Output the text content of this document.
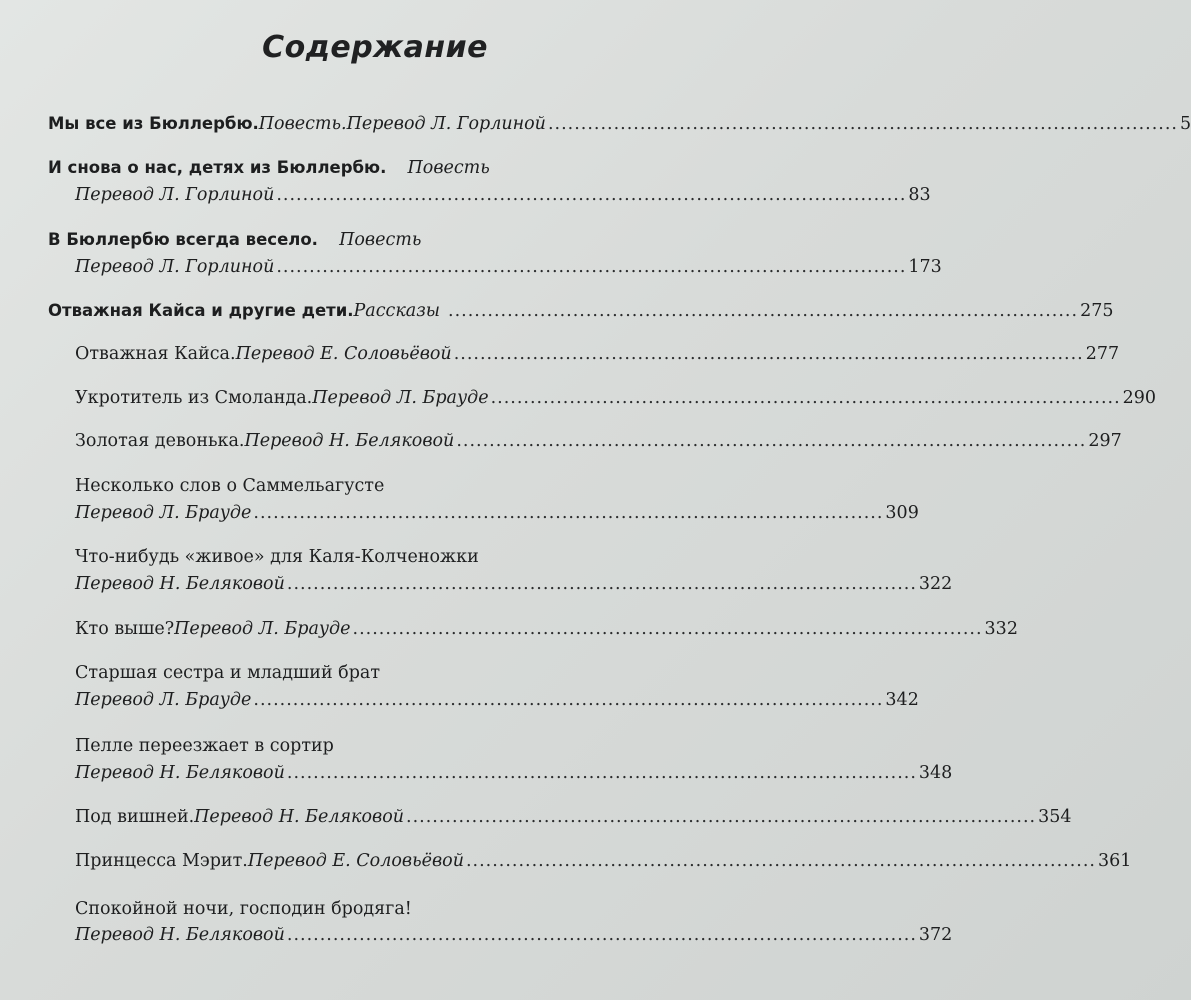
Содержание
Мы все из Бюллербю. Повесть. Перевод Л. Горлиной ................................................................................................ 5
И снова о нас, детях из Бюллербю. Повесть
Перевод Л. Горлиной ................................................................................................ 83
В Бюллербю всегда весело. Повесть
Перевод Л. Горлиной ................................................................................................ 173
Отважная Кайса и другие дети. Рассказы ................................................................................................ 275
Отважная Кайса. Перевод Е. Соловьёвой ................................................................................................ 277
Укротитель из Смоланда. Перевод Л. Брауде ................................................................................................ 290
Золотая девонька. Перевод Н. Беляковой ................................................................................................ 297
Несколько слов о Саммельагусте
Перевод Л. Брауде ................................................................................................ 309
Что-нибудь «живое» для Каля-Колченожки
Перевод Н. Беляковой ................................................................................................ 322
Кто выше? Перевод Л. Брауде ................................................................................................ 332
Старшая сестра и младший брат
Перевод Л. Брауде ................................................................................................ 342
Пелле переезжает в сортир
Перевод Н. Беляковой ................................................................................................ 348
Под вишней. Перевод Н. Беляковой ................................................................................................ 354
Принцесса Мэрит. Перевод Е. Соловьёвой ................................................................................................ 361
Спокойной ночи, господин бродяга!
Перевод Н. Беляковой ................................................................................................ 372
